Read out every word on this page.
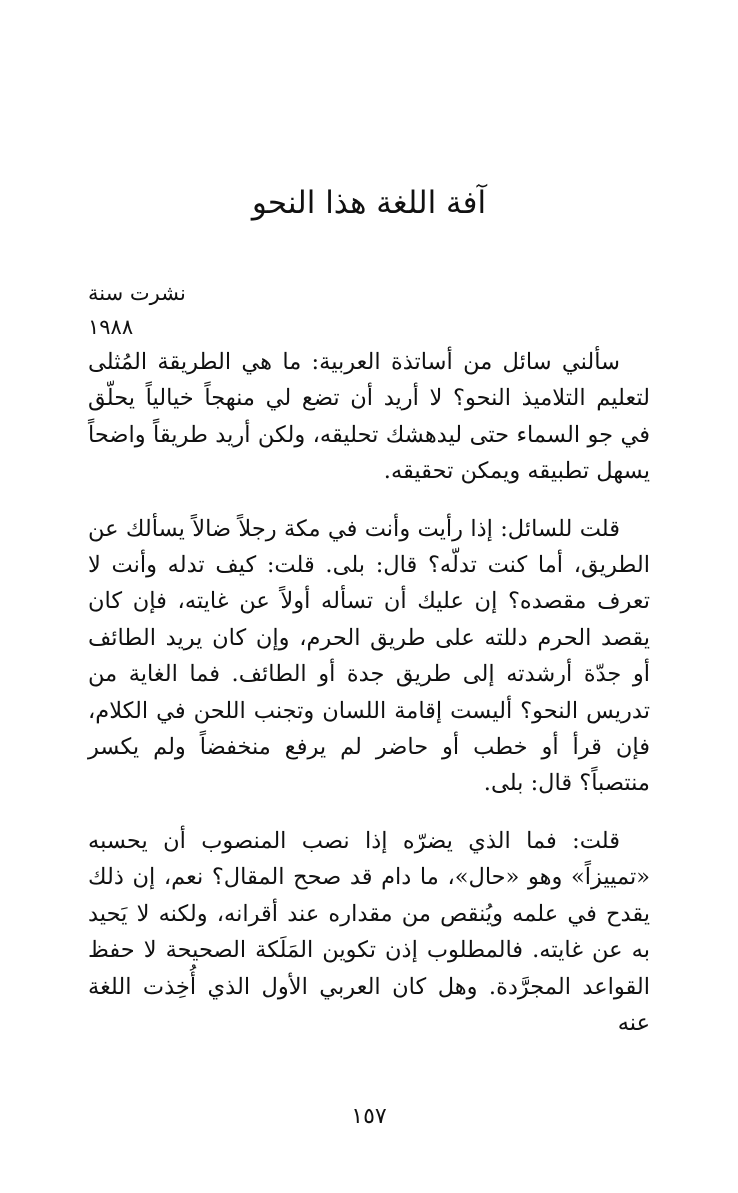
آفة اللغة هذا النحو

نشرت سنة ١٩٨٨

سألني سائل من أساتذة العربية: ما هي الطريقة المُثلى لتعليم التلاميذ النحو؟ لا أريد أن تضع لي منهجاً خيالياً يحلّق في جو السماء حتى ليدهشك تحليقه، ولكن أريد طريقاً واضحاً يسهل تطبيقه ويمكن تحقيقه.

قلت للسائل: إذا رأيت وأنت في مكة رجلاً ضالاً يسألك عن الطريق، أما كنت تدلّه؟ قال: بلى. قلت: كيف تدله وأنت لا تعرف مقصده؟ إن عليك أن تسأله أولاً عن غايته، فإن كان يقصد الحرم دللته على طريق الحرم، وإن كان يريد الطائف أو جدّة أرشدته إلى طريق جدة أو الطائف. فما الغاية من تدريس النحو؟ أليست إقامة اللسان وتجنب اللحن في الكلام، فإن قرأ أو خطب أو حاضر لم يرفع منخفضاً ولم يكسر منتصباً؟ قال: بلى.

قلت: فما الذي يضرّه إذا نصب المنصوب أن يحسبه «تمييزاً» وهو «حال»، ما دام قد صحح المقال؟ نعم، إن ذلك يقدح في علمه ويُنقص من مقداره عند أقرانه، ولكنه لا يَحيد به عن غايته. فالمطلوب إذن تكوين المَلَكة الصحيحة لا حفظ القواعد المجرَّدة. وهل كان العربي الأول الذي أُخِذت اللغة عنه

١٥٧
